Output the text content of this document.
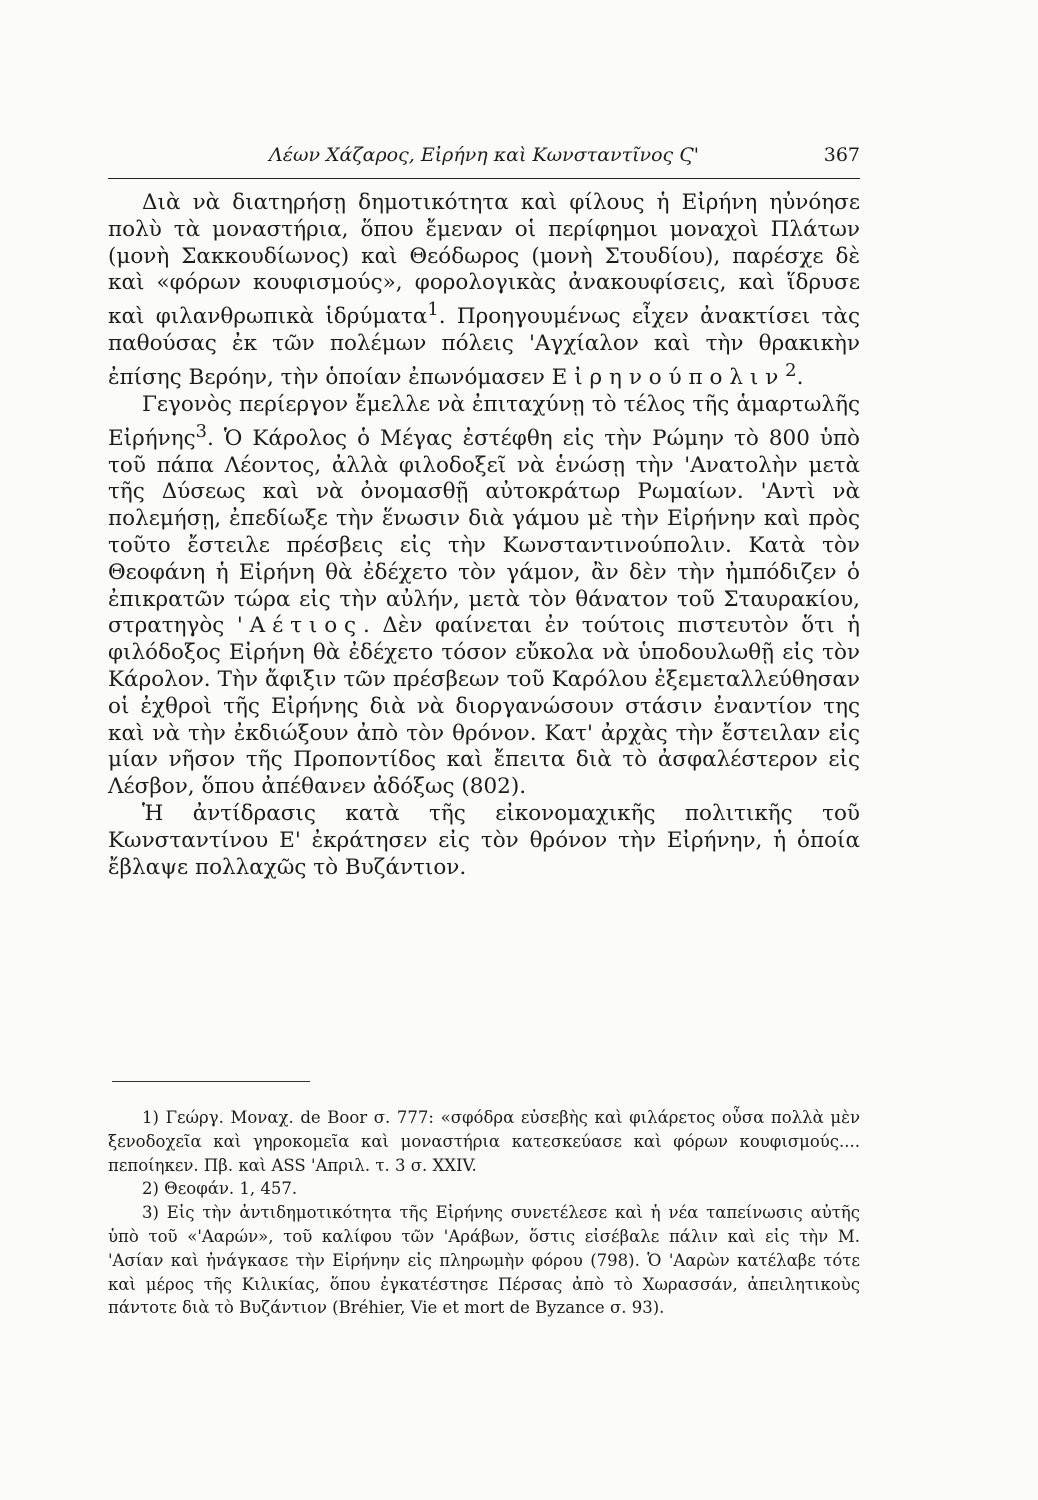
Λέων Χάζαρος, Εἰρήνη καὶ Κωνσταντῖνος Ϛ'	367

Διὰ νὰ διατηρήσῃ δημοτικότητα καὶ φίλους ἡ Εἰρήνη ηὐνόησε πολὺ τὰ μοναστήρια, ὅπου ἔμεναν οἱ περίφημοι μοναχοὶ Πλάτων (μονὴ Σακκουδίωνος) καὶ Θεόδωρος (μονὴ Στουδίου), παρέσχε δὲ καὶ «φόρων κουφισμούς», φορολογικὰς ἀνακουφίσεις, καὶ ἵδρυσε καὶ φιλανθρωπικὰ ἱδρύματα$^1$. Προηγουμένως εἶχεν ἀνακτίσει τὰς παθούσας ἐκ τῶν πολέμων πόλεις 'Αγχίαλον καὶ τὴν θρακικὴν ἐπίσης Βερόην, τὴν ὁποίαν ἐπωνόμασεν Εἰρηνούπολιν$^2$.

Γεγονὸς περίεργον ἔμελλε νὰ ἐπιταχύνῃ τὸ τέλος τῆς ἁμαρτωλῆς Εἰρήνης$^3$. Ὁ Κάρολος ὁ Μέγας ἐστέφθη εἰς τὴν Ρώμην τὸ 800 ὑπὸ τοῦ πάπα Λέοντος, ἀλλὰ φιλοδοξεῖ νὰ ἑνώσῃ τὴν 'Ανατολὴν μετὰ τῆς Δύσεως καὶ νὰ ὀνομασθῇ αὐτοκράτωρ Ρωμαίων. 'Αντὶ νὰ πολεμήσῃ, ἐπεδίωξε τὴν ἕνωσιν διὰ γάμου μὲ τὴν Εἰρήνην καὶ πρὸς τοῦτο ἔστειλε πρέσβεις εἰς τὴν Κωνσταντινούπολιν. Κατὰ τὸν Θεοφάνη ἡ Εἰρήνη θὰ ἐδέχετο τὸν γάμον, ἂν δὲν τὴν ἠμπόδιζεν ὁ ἐπικρατῶν τώρα εἰς τὴν αὐλήν, μετὰ τὸν θάνατον τοῦ Σταυρακίου, στρατηγὸς 'Αέτιος. Δὲν φαίνεται ἐν τούτοις πιστευτὸν ὅτι ἡ φιλόδοξος Εἰρήνη θὰ ἐδέχετο τόσον εὔκολα νὰ ὑποδουλωθῇ εἰς τὸν Κάρολον. Τὴν ἄφιξιν τῶν πρέσβεων τοῦ Καρόλου ἐξεμεταλλεύθησαν οἱ ἐχθροὶ τῆς Εἰρήνης διὰ νὰ διοργανώσουν στάσιν ἐναντίον της καὶ νὰ τὴν ἐκδιώξουν ἀπὸ τὸν θρόνον. Κατ' ἀρχὰς τὴν ἔστειλαν εἰς μίαν νῆσον τῆς Προποντίδος καὶ ἔπειτα διὰ τὸ ἀσφαλέστερον εἰς Λέσβον, ὅπου ἀπέθανεν ἀδόξως (802).

Ἡ ἀντίδρασις κατὰ τῆς εἰκονομαχικῆς πολιτικῆς τοῦ Κωνσταντίνου Ε' ἐκράτησεν εἰς τὸν θρόνον τὴν Εἰρήνην, ἡ ὁποία ἔβλαψε πολλαχῶς τὸ Βυζάντιον.

1) Γεώργ. Μοναχ. de Boor σ. 777: «σφόδρα εὐσεβὴς καὶ φιλάρετος οὖσα πολλὰ μὲν ξενοδοχεῖα καὶ γηροκομεῖα καὶ μοναστήρια κατεσκεύασε καὶ φόρων κουφισμούς.... πεποίηκεν. Πβ. καὶ ASS 'Απριλ. τ. 3 σ. XXIV.

2) Θεοφάν. 1, 457.

3) Εἰς τὴν ἀντιδημοτικότητα τῆς Εἰρήνης συνετέλεσε καὶ ἡ νέα ταπείνωσις αὐτῆς ὑπὸ τοῦ «'Ααρών», τοῦ καλίφου τῶν 'Αράβων, ὅστις εἰσέβαλε πάλιν καὶ εἰς τὴν Μ. 'Ασίαν καὶ ἠνάγκασε τὴν Εἰρήνην εἰς πληρωμὴν φόρου (798). Ὁ 'Ααρὼν κατέλαβε τότε καὶ μέρος τῆς Κιλικίας, ὅπου ἐγκατέστησε Πέρσας ἀπὸ τὸ Χωρασσάν, ἀπειλητικοὺς πάντοτε διὰ τὸ Βυζάντιον (Bréhier, Vie et mort de Byzance σ. 93).
